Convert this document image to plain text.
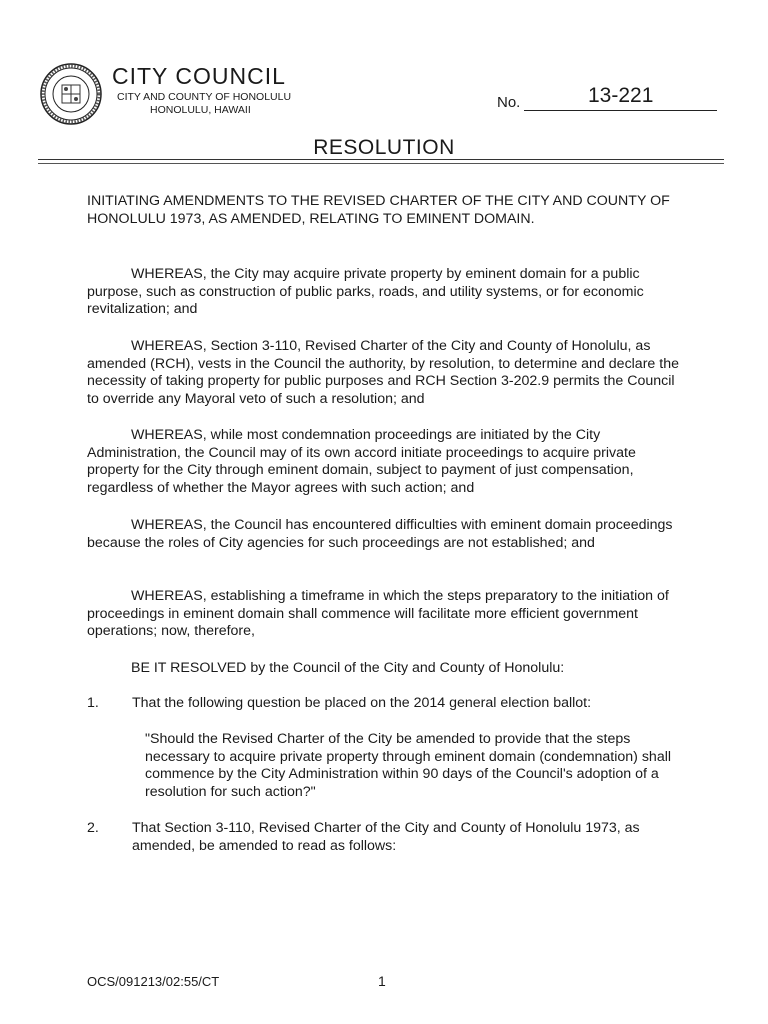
CITY COUNCIL
CITY AND COUNTY OF HONOLULU
HONOLULU, HAWAII	No.	13-221
RESOLUTION

INITIATING AMENDMENTS TO THE REVISED CHARTER OF THE CITY AND COUNTY OF HONOLULU 1973, AS AMENDED, RELATING TO EMINENT DOMAIN.

WHEREAS, the City may acquire private property by eminent domain for a public purpose, such as construction of public parks, roads, and utility systems, or for economic revitalization; and

WHEREAS, Section 3-110, Revised Charter of the City and County of Honolulu, as amended (RCH), vests in the Council the authority, by resolution, to determine and declare the necessity of taking property for public purposes and RCH Section 3-202.9 permits the Council to override any Mayoral veto of such a resolution; and

WHEREAS, while most condemnation proceedings are initiated by the City Administration, the Council may of its own accord initiate proceedings to acquire private property for the City through eminent domain, subject to payment of just compensation, regardless of whether the Mayor agrees with such action; and

WHEREAS, the Council has encountered difficulties with eminent domain proceedings because the roles of City agencies for such proceedings are not established; and

WHEREAS, establishing a timeframe in which the steps preparatory to the initiation of proceedings in eminent domain shall commence will facilitate more efficient government operations; now, therefore,

BE IT RESOLVED by the Council of the City and County of Honolulu:

1. That the following question be placed on the 2014 general election ballot:
"Should the Revised Charter of the City be amended to provide that the steps necessary to acquire private property through eminent domain (condemnation) shall commence by the City Administration within 90 days of the Council's adoption of a resolution for such action?"
2. That Section 3-110, Revised Charter of the City and County of Honolulu 1973, as amended, be amended to read as follows:
OCS/091213/02:55/CT	1
